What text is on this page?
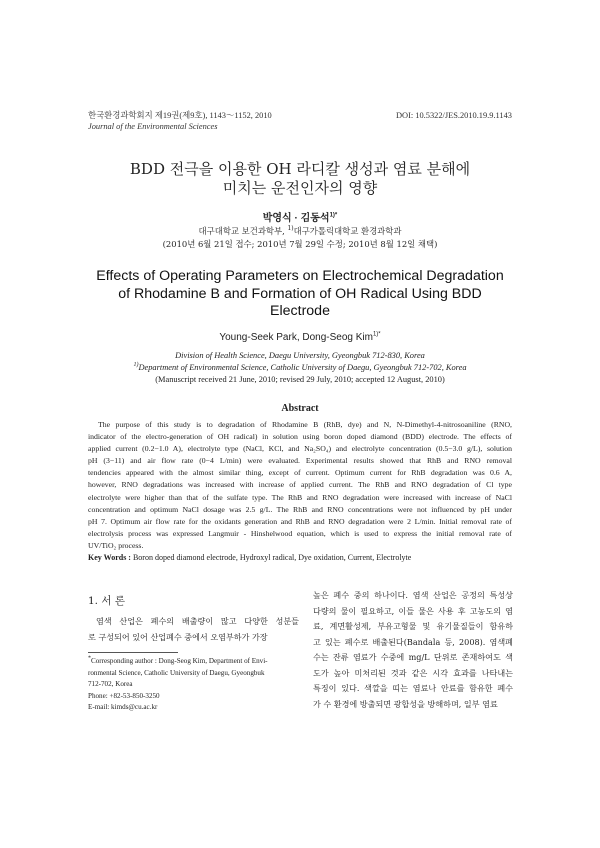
한국환경과학회지 제19권(제9호), 1143～1152, 2010
Journal of the Environmental Sciences
DOI: 10.5322/JES.2010.19.9.1143
BDD 전극을 이용한 OH 라디칼 생성과 염료 분해에
미치는 운전인자의 영향
박영식 · 김동석$^{1)*}$
대구대학교 보건과학부, $^{1)}$대구가톨릭대학교 환경과학과
(2010년 6월 21일 접수; 2010년 7월 29일 수정; 2010년 8월 12일 채택)
Effects of Operating Parameters on Electrochemical Degradation
of Rhodamine B and Formation of OH Radical Using BDD
Electrode
Young-Seek Park, Dong-Seog Kim$^{1)*}$
Division of Health Science, Daegu University, Gyeongbuk 712-830, Korea
$^{1)}$Department of Environmental Science, Catholic University of Daegu, Gyeongbuk 712-702, Korea
(Manuscript received 21 June, 2010; revised 29 July, 2010; accepted 12 August, 2010)
Abstract
The purpose of this study is to degradation of Rhodamine B (RhB, dye) and N, N-Dimethyl-4-nitrosoaniline (RNO,
indicator of the electro-generation of OH radical) in solution using boron doped diamond (BDD) electrode. The effects of
applied current (0.2−1.0 A), electrolyte type (NaCl, KCl, and Na₂SO₄) and electrolyte concentration (0.5−3.0 g/L), solution
pH (3−11) and air flow rate (0−4 L/min) were evaluated. Experimental results showed that RhB and RNO removal
tendencies appeared with the almost similar thing, except of current. Optimum current for RhB degradation was 0.6 A,
however, RNO degradations was increased with increase of applied current. The RhB and RNO degradation of Cl type
electrolyte were higher than that of the sulfate type. The RhB and RNO degradation were increased with increase of NaCl
concentration and optimum NaCl dosage was 2.5 g/L. The RhB and RNO concentrations were not influenced by pH under
pH 7. Optimum air flow rate for the oxidants generation and RhB and RNO degradation were 2 L/min. Initial removal rate of
electrolysis process was expressed Langmuir - Hinshelwood equation, which is used to express the initial removal rate of
UV/TiO₂ process.
Key Words : Boron doped diamond electrode, Hydroxyl radical, Dye oxidation, Current, Electrolyte
1. 서 론
염색 산업은 폐수의 배출량이 많고 다양한 성분들
로 구성되어 있어 산업폐수 중에서 오염부하가 가장
*Corresponding author : Dong-Seog Kim, Department of Envi-
ronmental Science, Catholic University of Daegu, Gyeongbuk
712-702, Korea
Phone: +82-53-850-3250
E-mail: kimds@cu.ac.kr
높은 폐수 중의 하나이다. 염색 산업은 공정의 특성상
다량의 물이 필요하고, 이들 물은 사용 후 고농도의 염
료, 계면활성제, 부유고형물 및 유기물질들이 함유하
고 있는 폐수로 배출된다(Bandala 등, 2008). 염색폐
수는 잔류 염료가 수중에 mg/L 단위로 존재하여도 색
도가 높아 미처리된 것과 같은 시각 효과를 나타내는
특징이 있다. 색깔을 띠는 염료나 안료를 함유한 폐수
가 수 환경에 방출되면 광합성을 방해하며, 일부 염료
